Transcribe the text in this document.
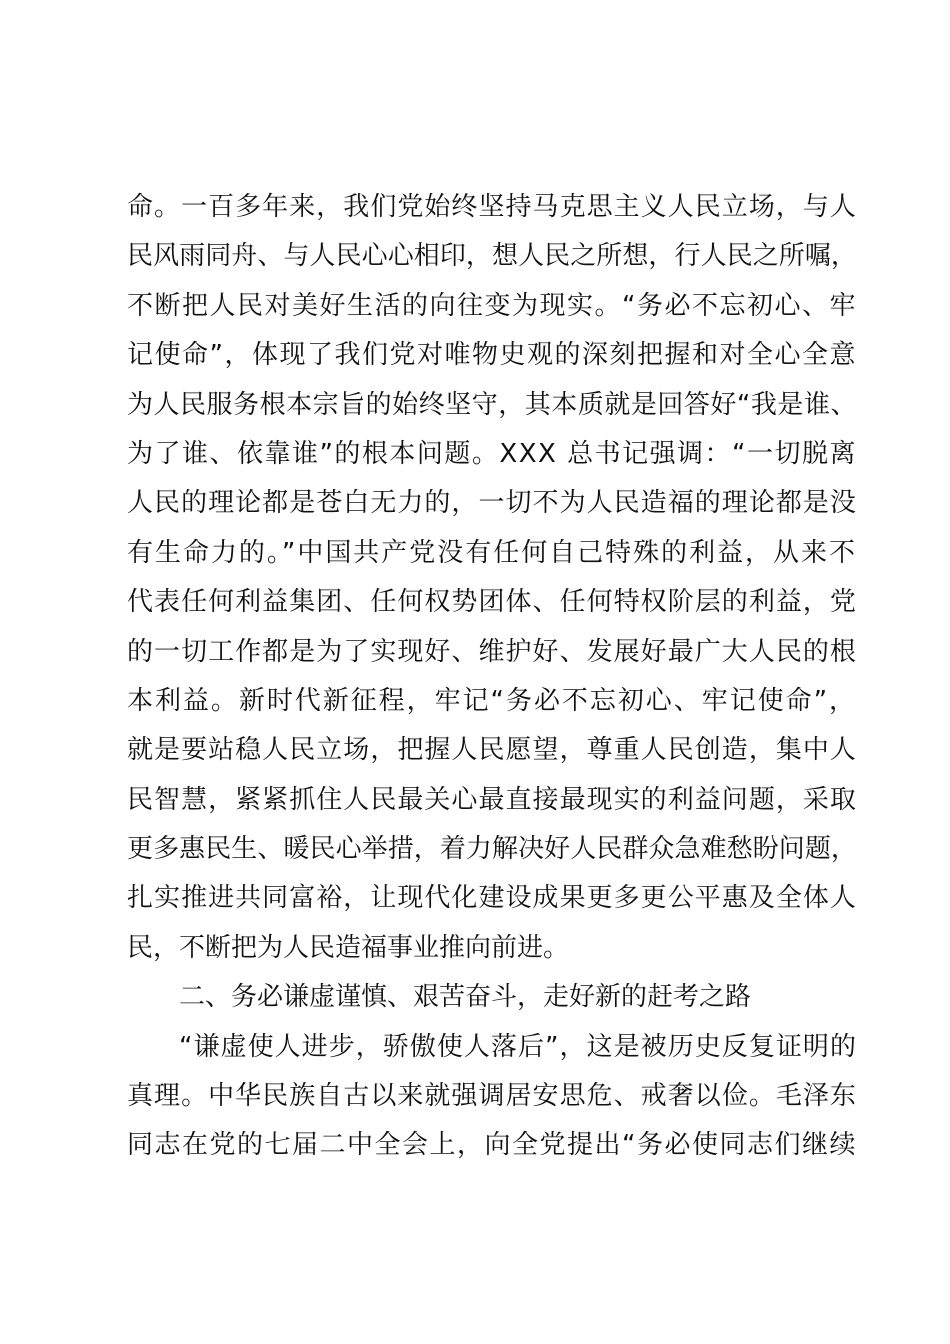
命。一百多年来，我们党始终坚持马克思主义人民立场，与人
民风雨同舟、与人民心心相印，想人民之所想，行人民之所嘱，
不断把人民对美好生活的向往变为现实。“务必不忘初心、牢
记使命”，体现了我们党对唯物史观的深刻把握和对全心全意
为人民服务根本宗旨的始终坚守，其本质就是回答好“我是谁、
为了谁、依靠谁”的根本问题。XXX 总书记强调：“一切脱离
人民的理论都是苍白无力的，一切不为人民造福的理论都是没
有生命力的。”中国共产党没有任何自己特殊的利益，从来不
代表任何利益集团、任何权势团体、任何特权阶层的利益，党
的一切工作都是为了实现好、维护好、发展好最广大人民的根
本利益。新时代新征程，牢记“务必不忘初心、牢记使命”，
就是要站稳人民立场，把握人民愿望，尊重人民创造，集中人
民智慧，紧紧抓住人民最关心最直接最现实的利益问题，采取
更多惠民生、暖民心举措，着力解决好人民群众急难愁盼问题，
扎实推进共同富裕，让现代化建设成果更多更公平惠及全体人
民，不断把为人民造福事业推向前进。
二、务必谦虚谨慎、艰苦奋斗，走好新的赶考之路
“谦虚使人进步，骄傲使人落后”，这是被历史反复证明的
真理。中华民族自古以来就强调居安思危、戒奢以俭。毛泽东
同志在党的七届二中全会上，向全党提出“务必使同志们继续
